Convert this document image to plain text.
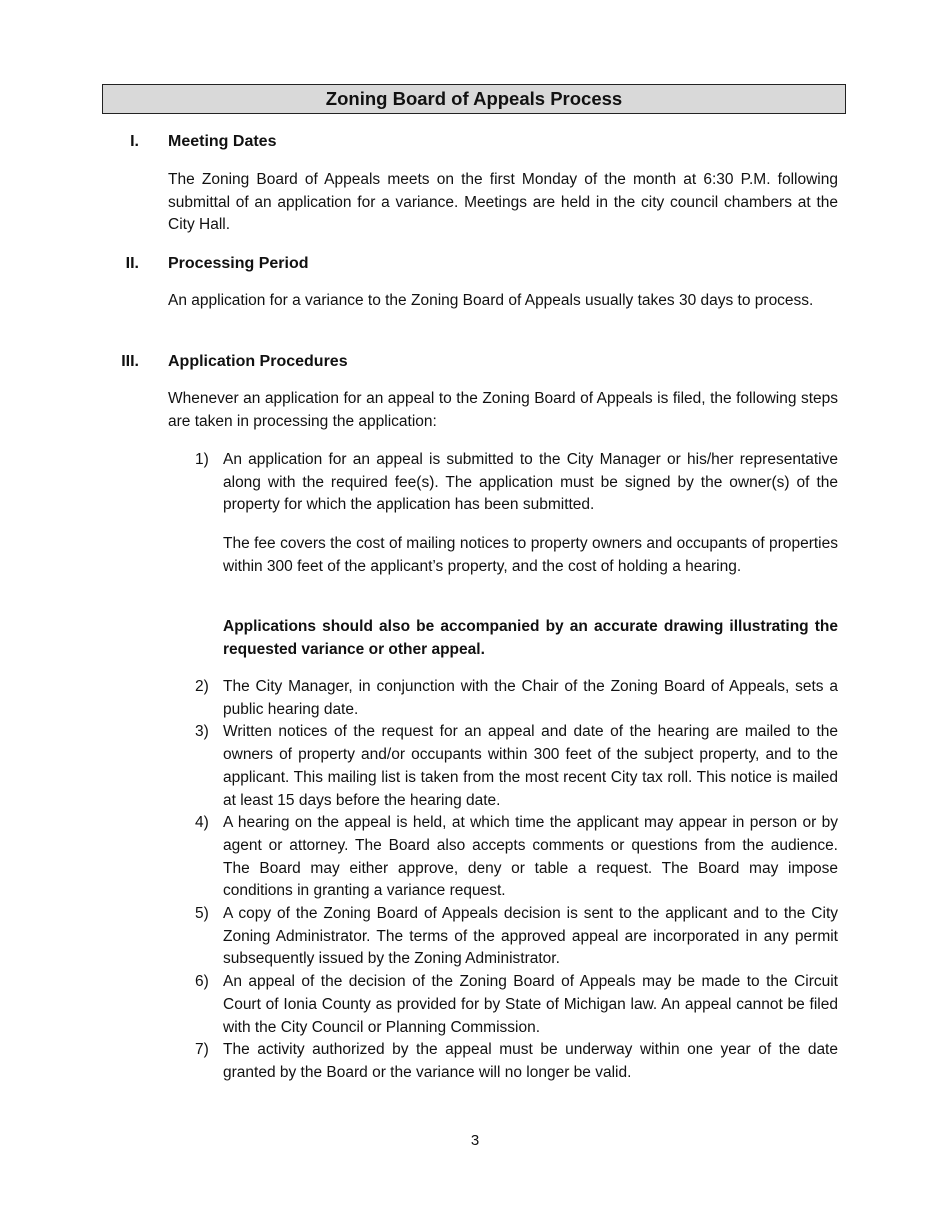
Zoning Board of Appeals Process
I. Meeting Dates
The Zoning Board of Appeals meets on the first Monday of the month at 6:30 P.M. following submittal of an application for a variance. Meetings are held in the city council chambers at the City Hall.
II. Processing Period
An application for a variance to the Zoning Board of Appeals usually takes 30 days to process.
III. Application Procedures
Whenever an application for an appeal to the Zoning Board of Appeals is filed, the following steps are taken in processing the application:
1) An application for an appeal is submitted to the City Manager or his/her representative along with the required fee(s). The application must be signed by the owner(s) of the property for which the application has been submitted.
The fee covers the cost of mailing notices to property owners and occupants of properties within 300 feet of the applicant’s property, and the cost of holding a hearing.
Applications should also be accompanied by an accurate drawing illustrating the requested variance or other appeal.
2) The City Manager, in conjunction with the Chair of the Zoning Board of Appeals, sets a public hearing date.
3) Written notices of the request for an appeal and date of the hearing are mailed to the owners of property and/or occupants within 300 feet of the subject property, and to the applicant. This mailing list is taken from the most recent City tax roll. This notice is mailed at least 15 days before the hearing date.
4) A hearing on the appeal is held, at which time the applicant may appear in person or by agent or attorney. The Board also accepts comments or questions from the audience. The Board may either approve, deny or table a request. The Board may impose conditions in granting a variance request.
5) A copy of the Zoning Board of Appeals decision is sent to the applicant and to the City Zoning Administrator. The terms of the approved appeal are incorporated in any permit subsequently issued by the Zoning Administrator.
6) An appeal of the decision of the Zoning Board of Appeals may be made to the Circuit Court of Ionia County as provided for by State of Michigan law. An appeal cannot be filed with the City Council or Planning Commission.
7) The activity authorized by the appeal must be underway within one year of the date granted by the Board or the variance will no longer be valid.
3
